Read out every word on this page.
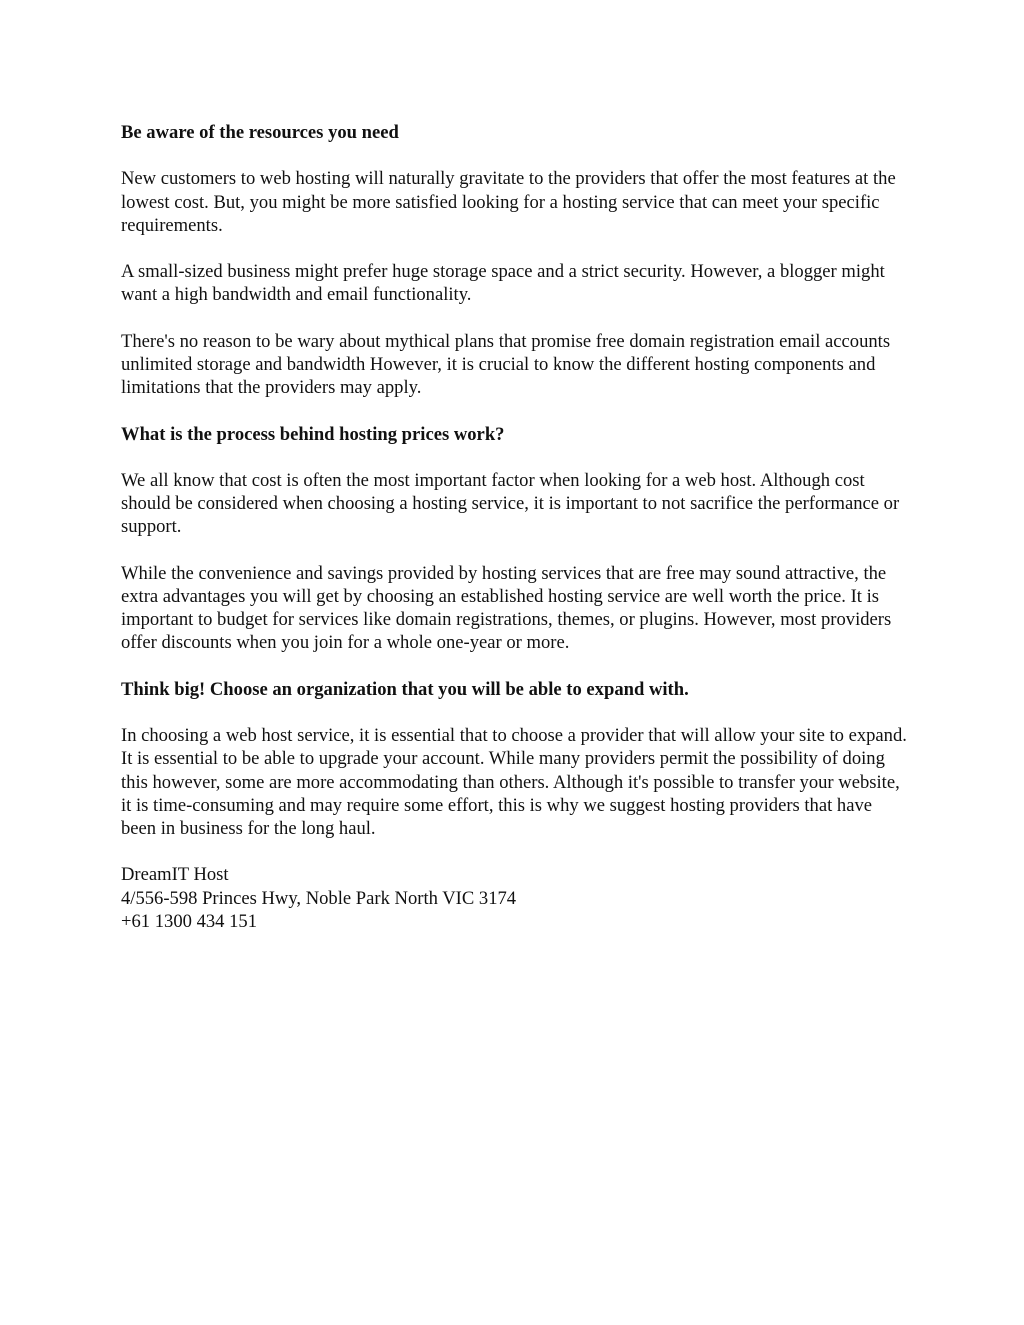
Be aware of the resources you need

New customers to web hosting will naturally gravitate to the providers that offer the most features at the lowest cost. But, you might be more satisfied looking for a hosting service that can meet your specific requirements.

A small-sized business might prefer huge storage space and a strict security. However, a blogger might want a high bandwidth and email functionality.

There's no reason to be wary about mythical plans that promise free domain registration email accounts unlimited storage and bandwidth However, it is crucial to know the different hosting components and limitations that the providers may apply.

What is the process behind hosting prices work?

We all know that cost is often the most important factor when looking for a web host. Although cost should be considered when choosing a hosting service, it is important to not sacrifice the performance or support.

While the convenience and savings provided by hosting services that are free may sound attractive, the extra advantages you will get by choosing an established hosting service are well worth the price. It is important to budget for services like domain registrations, themes, or plugins. However, most providers offer discounts when you join for a whole one-year or more.

Think big! Choose an organization that you will be able to expand with.

In choosing a web host service, it is essential that to choose a provider that will allow your site to expand. It is essential to be able to upgrade your account. While many providers permit the possibility of doing this however, some are more accommodating than others. Although it's possible to transfer your website, it is time-consuming and may require some effort, this is why we suggest hosting providers that have been in business for the long haul.

DreamIT Host
4/556-598 Princes Hwy, Noble Park North VIC 3174
+61 1300 434 151
